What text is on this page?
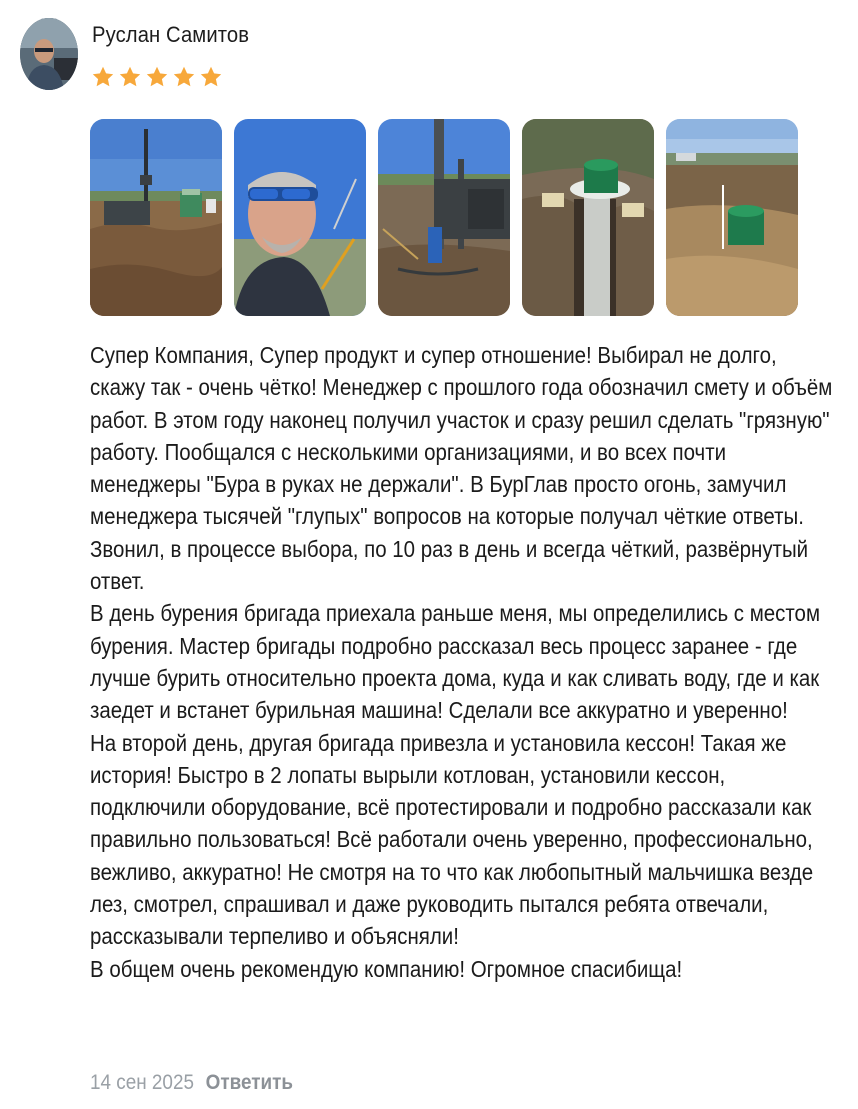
Руслан Самитов

Супер Компания, Супер продукт и супер отношение! Выбирал не долго, скажу так - очень чётко! Менеджер с прошлого года обозначил смету и объём работ. В этом году наконец получил участок и сразу решил сделать "грязную" работу. Пообщался с несколькими организациями, и во всех почти менеджеры "Бура в руках не держали". В БурГлав просто огонь, замучил менеджера тысячей "глупых" вопросов на которые получал чёткие ответы. Звонил, в процессе выбора, по 10 раз в день и всегда чёткий, развёрнутый ответ.

В день бурения бригада приехала раньше меня, мы определились с местом бурения. Мастер бригады подробно рассказал весь процесс заранее - где лучше бурить относительно проекта дома, куда и как сливать воду, где и как заедет и встанет бурильная машина! Сделали все аккуратно и уверенно!

На второй день, другая бригада привезла и установила кессон! Такая же история! Быстро в 2 лопаты вырыли котлован, установили кессон, подключили оборудование, всё протестировали и подробно рассказали как правильно пользоваться! Всё работали очень уверенно, профессионально, вежливо, аккуратно! Не смотря на то что как любопытный мальчишка везде лез, смотрел, спрашивал и даже руководить пытался ребята отвечали, рассказывали терпеливо и объясняли!

В общем очень рекомендую компанию! Огромное спасибища!

14 сен 2025 Ответить
